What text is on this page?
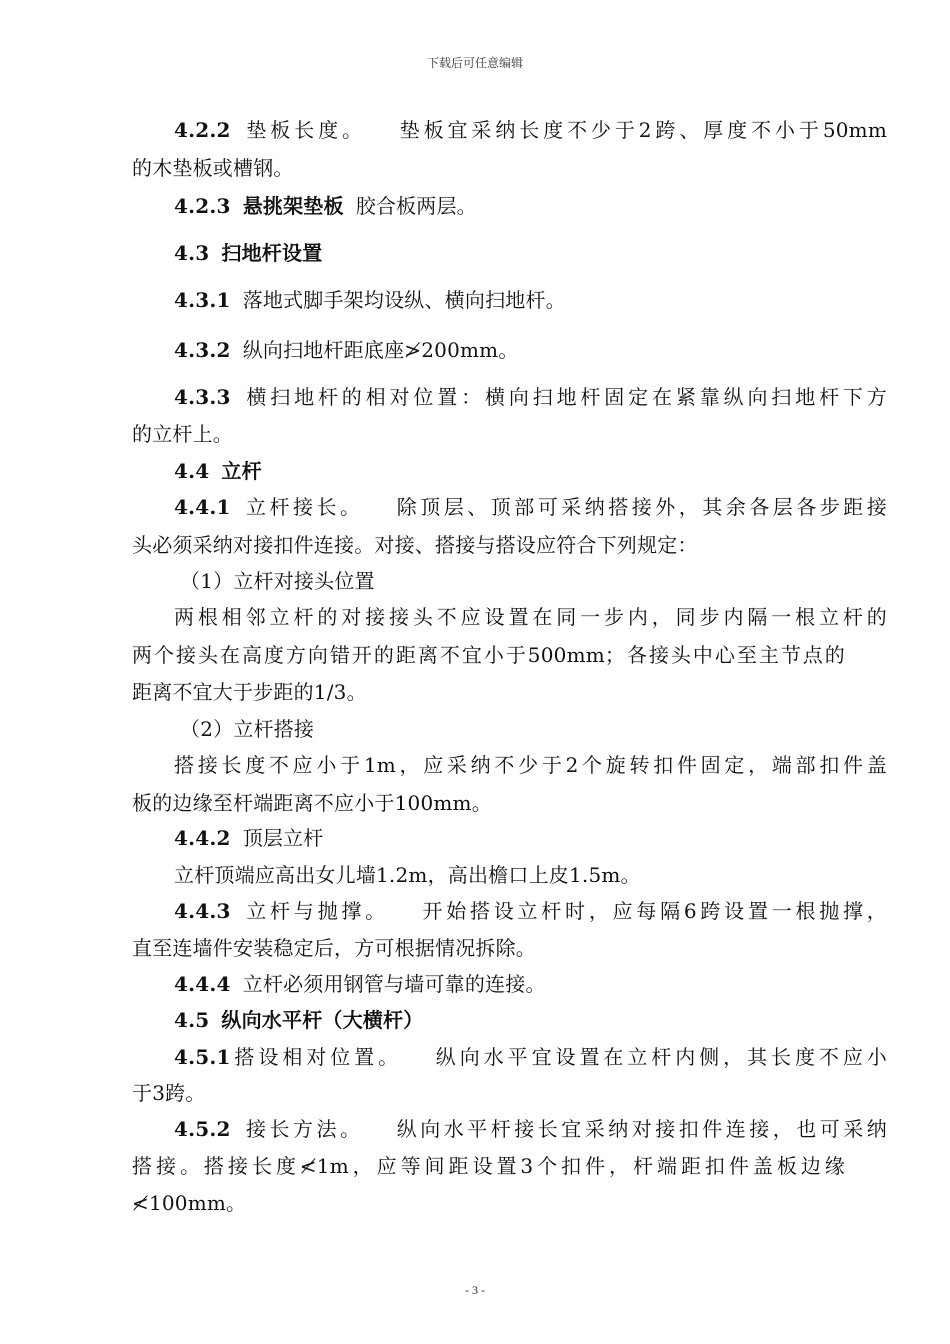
下载后可任意编辑
4.2.2 垫板长度。 垫板宜采纳长度不少于2跨、厚度不小于50mm
的木垫板或槽钢。
4.2.3 悬挑架垫板 胶合板两层。
4.3 扫地杆设置
4.3.1 落地式脚手架均设纵、横向扫地杆。
4.3.2 纵向扫地杆距底座≯200mm。
4.3.3 横扫地杆的相对位置：横向扫地杆固定在紧靠纵向扫地杆下方
的立杆上。
4.4 立杆
4.4.1 立杆接长。 除顶层、顶部可采纳搭接外，其余各层各步距接
头必须采纳对接扣件连接。对接、搭接与搭设应符合下列规定：
（1）立杆对接头位置
两根相邻立杆的对接接头不应设置在同一步内，同步内隔一根立杆的
两个接头在高度方向错开的距离不宜小于500mm；各接头中心至主节点的
距离不宜大于步距的1/3。
（2）立杆搭接
搭接长度不应小于1m，应采纳不少于2个旋转扣件固定，端部扣件盖
板的边缘至杆端距离不应小于100mm。
4.4.2 顶层立杆
立杆顶端应高出女儿墙1.2m，高出檐口上皮1.5m。
4.4.3 立杆与抛撑。 开始搭设立杆时，应每隔6跨设置一根抛撑，
直至连墙件安装稳定后，方可根据情况拆除。
4.4.4 立杆必须用钢管与墙可靠的连接。
4.5 纵向水平杆（大横杆）
4.5.1搭设相对位置。 纵向水平宜设置在立杆内侧，其长度不应小
于3跨。
4.5.2 接长方法。 纵向水平杆接长宜采纳对接扣件连接，也可采纳
搭接。搭接长度≮1m，应等间距设置3个扣件，杆端距扣件盖板边缘
≮100mm。
- 3 -
